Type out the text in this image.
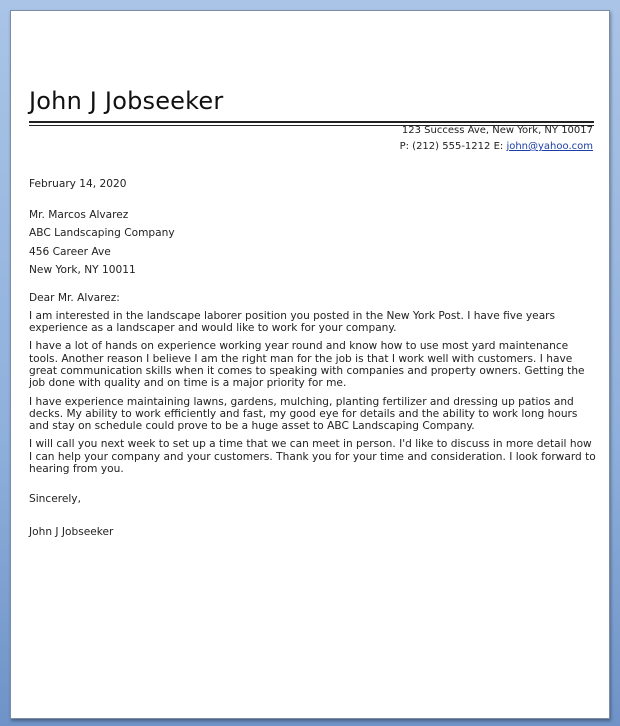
John J Jobseeker
123 Success Ave, New York, NY 10017
P: (212) 555-1212 E: john@yahoo.com
February 14, 2020
Mr. Marcos Alvarez
ABC Landscaping Company
456 Career Ave
New York, NY 10011

Dear Mr. Alvarez:

I am interested in the landscape laborer position you posted in the New York Post. I have five years experience as a landscaper and would like to work for your company.

I have a lot of hands on experience working year round and know how to use most yard maintenance tools. Another reason I believe I am the right man for the job is that I work well with customers. I have great communication skills when it comes to speaking with companies and property owners. Getting the job done with quality and on time is a major priority for me.

I have experience maintaining lawns, gardens, mulching, planting fertilizer and dressing up patios and decks. My ability to work efficiently and fast, my good eye for details and the ability to work long hours and stay on schedule could prove to be a huge asset to ABC Landscaping Company.

I will call you next week to set up a time that we can meet in person. I'd like to discuss in more detail how I can help your company and your customers. Thank you for your time and consideration. I look forward to hearing from you.

Sincerely,

John J Jobseeker
